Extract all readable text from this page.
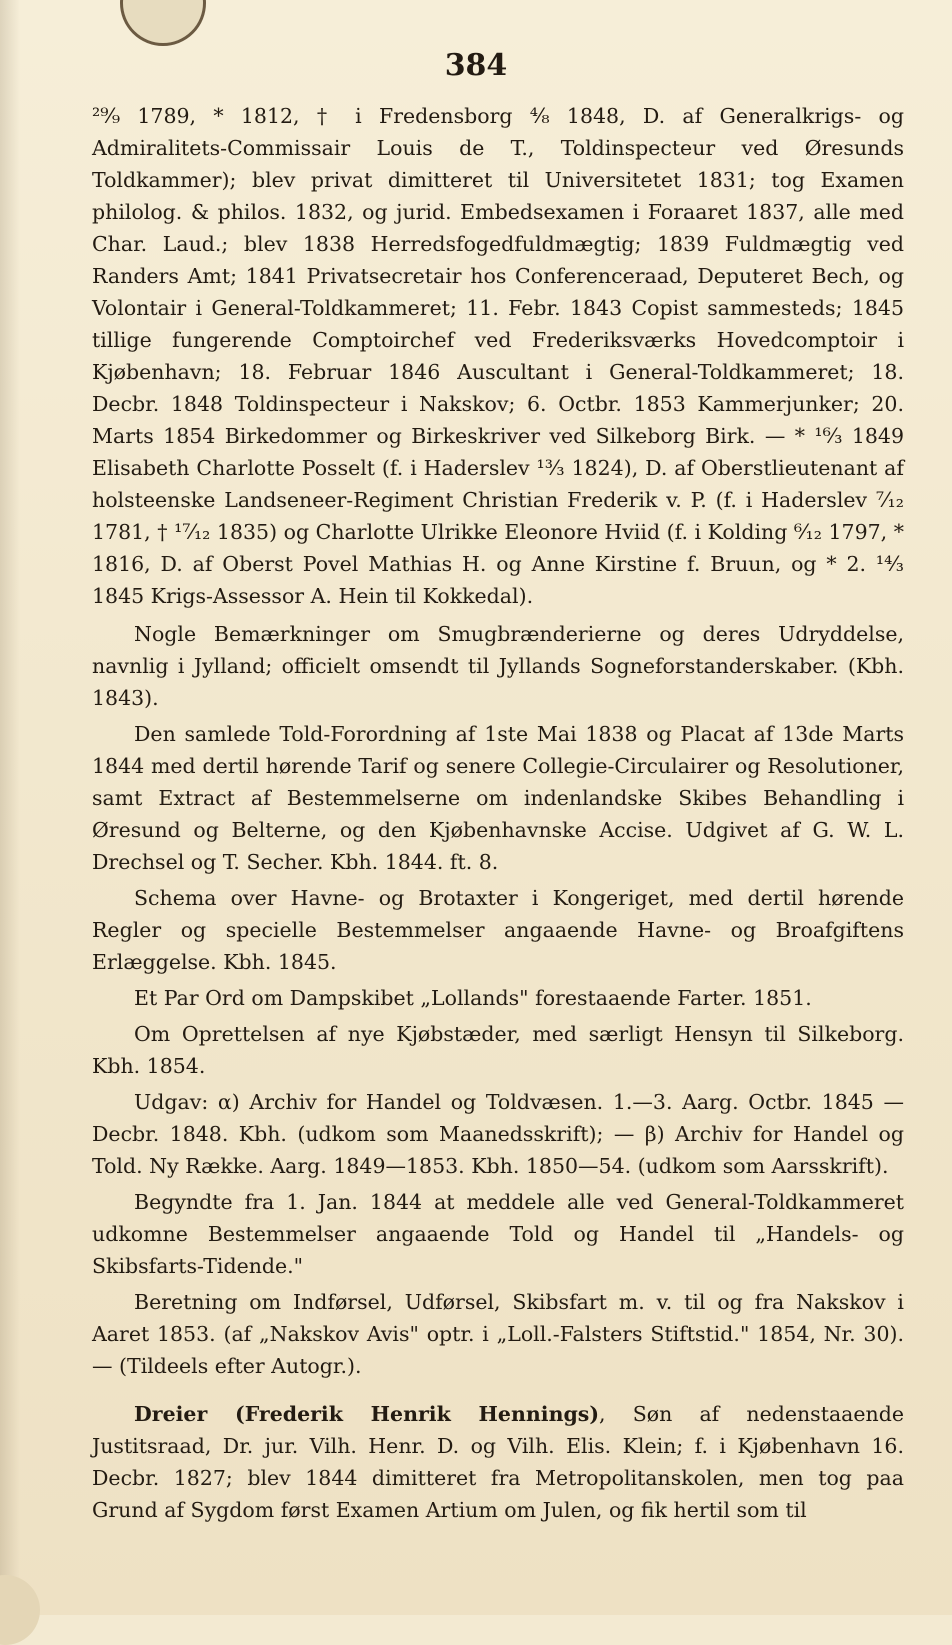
384

²⁹⁄₉ 1789, * 1812, † i Fredensborg ⁴⁄₈ 1848, D. af Generalkrigs- og Admiralitets-Commissair Louis de T., Toldinspecteur ved Øresunds Toldkammer); blev privat dimitteret til Universitetet 1831; tog Examen philolog. & philos. 1832, og jurid. Embedsexamen i Foraaret 1837, alle med Char. Laud.; blev 1838 Herredsfogedfuldmægtig; 1839 Fuldmægtig ved Randers Amt; 1841 Privatsecretair hos Conferenceraad, Deputeret Bech, og Volontair i General-Toldkammeret; 11. Febr. 1843 Copist sammesteds; 1845 tillige fungerende Comptoirchef ved Frederiksværks Hovedcomptoir i Kjøbenhavn; 18. Februar 1846 Auscultant i General-Toldkammeret; 18. Decbr. 1848 Toldinspecteur i Nakskov; 6. Octbr. 1853 Kammerjunker; 20. Marts 1854 Birkedommer og Birkeskriver ved Silkeborg Birk. — * ¹⁶⁄₃ 1849 Elisabeth Charlotte Posselt (f. i Haderslev ¹³⁄₃ 1824), D. af Oberstlieutenant af holsteenske Landseneer-Regiment Christian Frederik v. P. (f. i Haderslev ⁷⁄₁₂ 1781, † ¹⁷⁄₁₂ 1835) og Charlotte Ulrikke Eleonore Hviid (f. i Kolding ⁶⁄₁₂ 1797, * 1816, D. af Oberst Povel Mathias H. og Anne Kirstine f. Bruun, og * 2. ¹⁴⁄₃ 1845 Krigs-Assessor A. Hein til Kokkedal).

Nogle Bemærkninger om Smugbrænderierne og deres Udryddelse, navnlig i Jylland; officielt omsendt til Jyllands Sogneforstanderskaber. (Kbh. 1843).

Den samlede Told-Forordning af 1ste Mai 1838 og Placat af 13de Marts 1844 med dertil hørende Tarif og senere Collegie-Circulairer og Resolutioner, samt Extract af Bestemmelserne om indenlandske Skibes Behandling i Øresund og Belterne, og den Kjøbenhavnske Accise. Udgivet af G. W. L. Drechsel og T. Secher. Kbh. 1844. ft. 8.

Schema over Havne- og Brotaxter i Kongeriget, med dertil hørende Regler og specielle Bestemmelser angaaende Havne- og Broafgiftens Erlæggelse. Kbh. 1845.

Et Par Ord om Dampskibet „Lollands" forestaaende Farter. 1851.

Om Oprettelsen af nye Kjøbstæder, med særligt Hensyn til Silkeborg. Kbh. 1854.

Udgav: α) Archiv for Handel og Toldvæsen. 1.—3. Aarg. Octbr. 1845 —Decbr. 1848. Kbh. (udkom som Maanedsskrift); — β) Archiv for Handel og Told. Ny Række. Aarg. 1849—1853. Kbh. 1850—54. (udkom som Aarsskrift).

Begyndte fra 1. Jan. 1844 at meddele alle ved General-Toldkammeret udkomne Bestemmelser angaaende Told og Handel til „Handels- og Skibsfarts-Tidende."

Beretning om Indførsel, Udførsel, Skibsfart m. v. til og fra Nakskov i Aaret 1853. (af „Nakskov Avis" optr. i „Loll.-Falsters Stiftstid." 1854, Nr. 30). — (Tildeels efter Autogr.).

Dreier (Frederik Henrik Hennings), Søn af nedenstaaende Justitsraad, Dr. jur. Vilh. Henr. D. og Vilh. Elis. Klein; f. i Kjøbenhavn 16. Decbr. 1827; blev 1844 dimitteret fra Metropolitanskolen, men tog paa Grund af Sygdom først Examen Artium om Julen, og fik hertil som til
